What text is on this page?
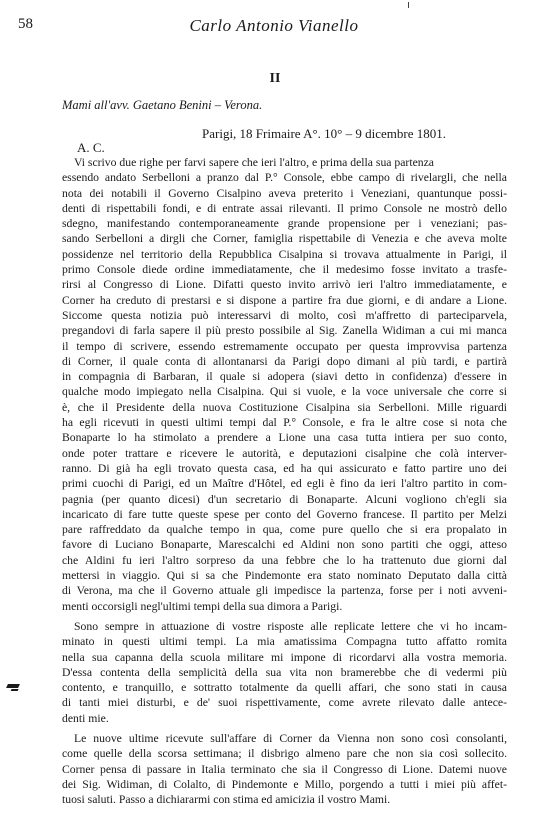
58	Carlo Antonio Vianello
II
Mami all'avv. Gaetano Benini – Verona.
Parigi, 18 Frimaire A°. 10° – 9 dicembre 1801.
A. C.
Vi scrivo due righe per farvi sapere che ieri l'altro, e prima della sua partenza
essendo andato Serbelloni a pranzo dal P.° Console, ebbe campo di rivelargli, che nella
nota dei notabili il Governo Cisalpino aveva preterito i Veneziani, quantunque possi-
denti di rispettabili fondi, e di entrate assai rilevanti. Il primo Console ne mostrò dello
sdegno, manifestando contemporaneamente grande propensione per i veneziani; pas-
sando Serbelloni a dirgli che Corner, famiglia rispettabile di Venezia e che aveva molte
possidenze nel territorio della Repubblica Cisalpina si trovava attualmente in Parigi, il
primo Console diede ordine immediatamente, che il medesimo fosse invitato a trasfe-
rirsi al Congresso di Lione. Difatti questo invito arrivò ieri l'altro immediatamente, e
Corner ha creduto di prestarsi e si dispone a partire fra due giorni, e di andare a Lione.
Siccome questa notizia può interessarvi di molto, così m'affretto di parteciparvela,
pregandovi di farla sapere il più presto possibile al Sig. Zanella Widiman a cui mi manca
il tempo di scrivere, essendo estremamente occupato per questa improvvisa partenza
di Corner, il quale conta di allontanarsi da Parigi dopo dimani al più tardi, e partirà
in compagnia di Barbaran, il quale si adopera (siavi detto in confidenza) d'essere in
qualche modo impiegato nella Cisalpina. Qui si vuole, e la voce universale che corre si
è, che il Presidente della nuova Costituzione Cisalpina sia Serbelloni. Mille riguardi
ha egli ricevuti in questi ultimi tempi dal P.° Console, e fra le altre cose si nota che
Bonaparte lo ha stimolato a prendere a Lione una casa tutta intiera per suo conto,
onde poter trattare e ricevere le autorità, e deputazioni cisalpine che colà interver-
ranno. Di già ha egli trovato questa casa, ed ha qui assicurato e fatto partire uno dei
primi cuochi di Parigi, ed un Maître d'Hôtel, ed egli è fino da ieri l'altro partito in com-
pagnia (per quanto dicesi) d'un secretario di Bonaparte. Alcuni vogliono ch'egli sia
incaricato di fare tutte queste spese per conto del Governo francese. Il partito per Melzi
pare raffreddato da qualche tempo in qua, come pure quello che si era propalato in
favore di Luciano Bonaparte, Marescalchi ed Aldini non sono partiti che oggi, atteso
che Aldini fu ieri l'altro sorpreso da una febbre che lo ha trattenuto due giorni dal
mettersi in viaggio. Qui si sa che Pindemonte era stato nominato Deputato dalla città
di Verona, ma che il Governo attuale gli impedisce la partenza, forse per i noti avveni-
menti occorsigli negl'ultimi tempi della sua dimora a Parigi.
Sono sempre in attuazione di vostre risposte alle replicate lettere che vi ho incam-
minato in questi ultimi tempi. La mia amatissima Compagna tutto affatto romita
nella sua capanna della scuola militare mi impone di ricordarvi alla vostra memoria.
D'essa contenta della semplicità della sua vita non bramerebbe che di vedermi più
contento, e tranquillo, e sottratto totalmente da quelli affari, che sono stati in causa
di tanti miei disturbi, e de' suoi rispettivamente, come avrete rilevato dalle antece-
denti mie.
Le nuove ultime ricevute sull'affare di Corner da Vienna non sono così consolanti,
come quelle della scorsa settimana; il disbrigo almeno pare che non sia così sollecito.
Corner pensa di passare in Italia terminato che sia il Congresso di Lione. Datemi nuove
dei Sig. Widiman, di Colalto, di Pindemonte e Millo, porgendo a tutti i miei più affet-
tuosi saluti. Passo a dichiararmi con stima ed amicizia il vostro Mami.
